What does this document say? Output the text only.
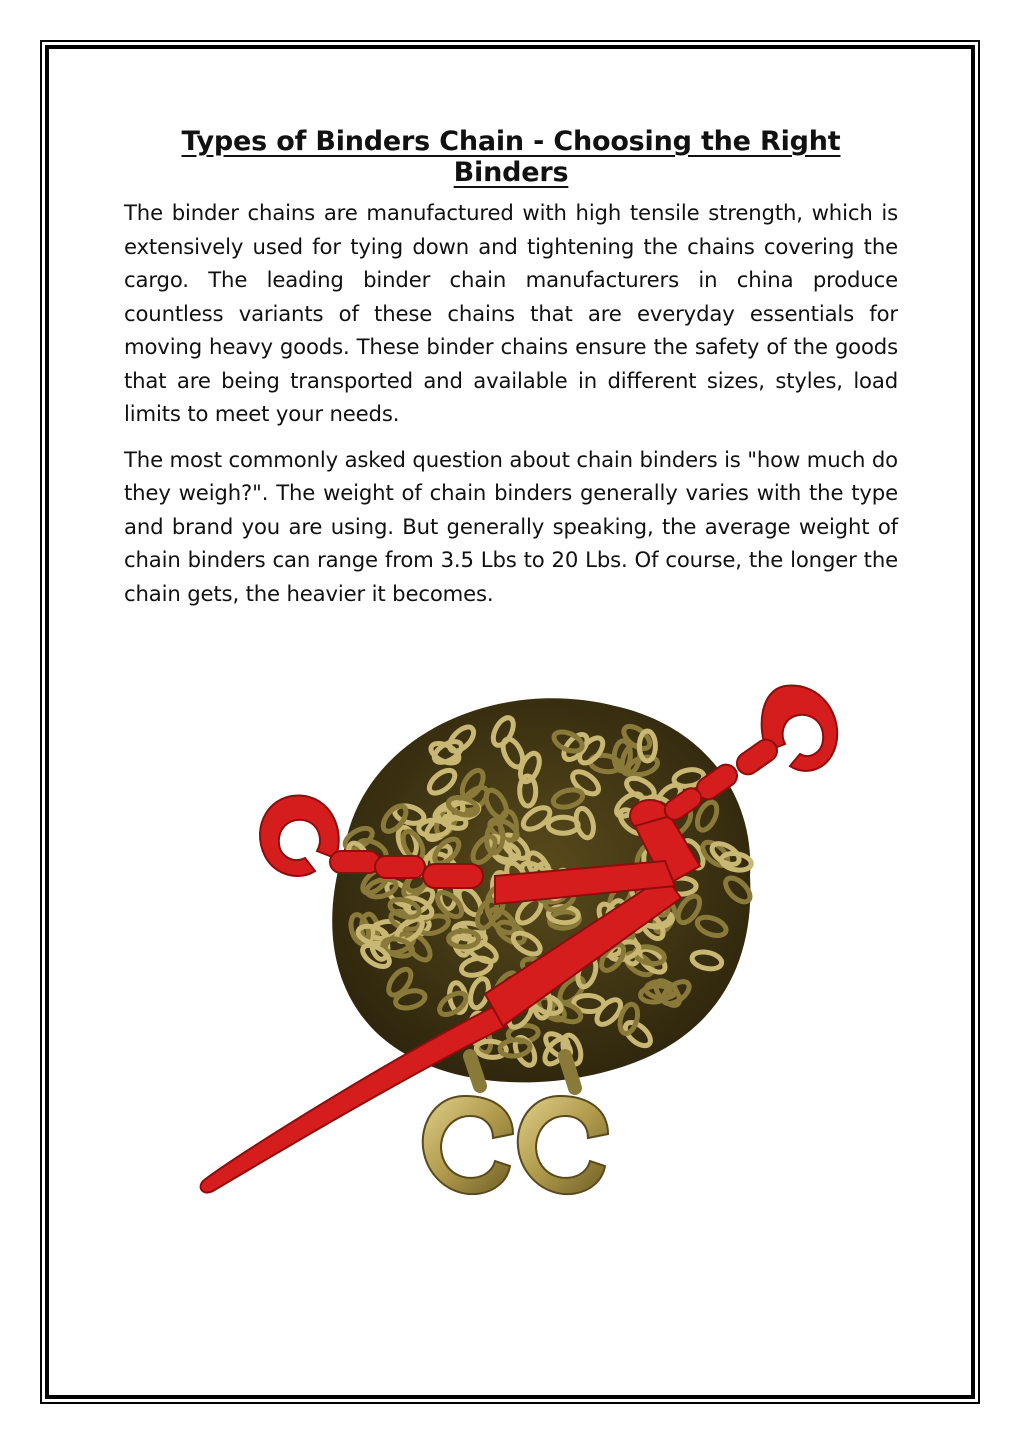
Types of Binders Chain - Choosing the Right Binders

The binder chains are manufactured with high tensile strength, which is extensively used for tying down and tightening the chains covering the cargo. The leading binder chain manufacturers in china produce countless variants of these chains that are everyday essentials for moving heavy goods. These binder chains ensure the safety of the goods that are being transported and available in different sizes, styles, load limits to meet your needs.

The most commonly asked question about chain binders is "how much do they weigh?". The weight of chain binders generally varies with the type and brand you are using. But generally speaking, the average weight of chain binders can range from 3.5 Lbs to 20 Lbs. Of course, the longer the chain gets, the heavier it becomes.
